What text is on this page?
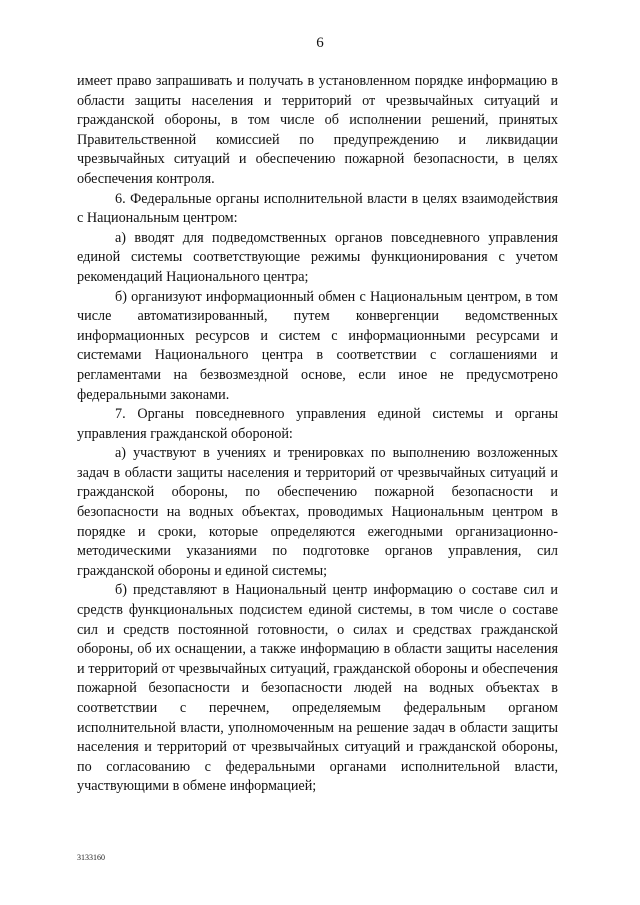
6

имеет право запрашивать и получать в установленном порядке информацию в области защиты населения и территорий от чрезвычайных ситуаций и гражданской обороны, в том числе об исполнении решений, принятых Правительственной комиссией по предупреждению и ликвидации чрезвычайных ситуаций и обеспечению пожарной безопасности, в целях обеспечения контроля.

6. Федеральные органы исполнительной власти в целях взаимодействия с Национальным центром:

а) вводят для подведомственных органов повседневного управления единой системы соответствующие режимы функционирования с учетом рекомендаций Национального центра;

б) организуют информационный обмен с Национальным центром, в том числе автоматизированный, путем конвергенции ведомственных информационных ресурсов и систем с информационными ресурсами и системами Национального центра в соответствии с соглашениями и регламентами на безвозмездной основе, если иное не предусмотрено федеральными законами.

7. Органы повседневного управления единой системы и органы управления гражданской обороной:

а) участвуют в учениях и тренировках по выполнению возложенных задач в области защиты населения и территорий от чрезвычайных ситуаций и гражданской обороны, по обеспечению пожарной безопасности и безопасности на водных объектах, проводимых Национальным центром в порядке и сроки, которые определяются ежегодными организационно-методическими указаниями по подготовке органов управления, сил гражданской обороны и единой системы;

б) представляют в Национальный центр информацию о составе сил и средств функциональных подсистем единой системы, в том числе о составе сил и средств постоянной готовности, о силах и средствах гражданской обороны, об их оснащении, а также информацию в области защиты населения и территорий от чрезвычайных ситуаций, гражданской обороны и обеспечения пожарной безопасности и безопасности людей на водных объектах в соответствии с перечнем, определяемым федеральным органом исполнительной власти, уполномоченным на решение задач в области защиты населения и территорий от чрезвычайных ситуаций и гражданской обороны, по согласованию с федеральными органами исполнительной власти, участвующими в обмене информацией;

3133160
